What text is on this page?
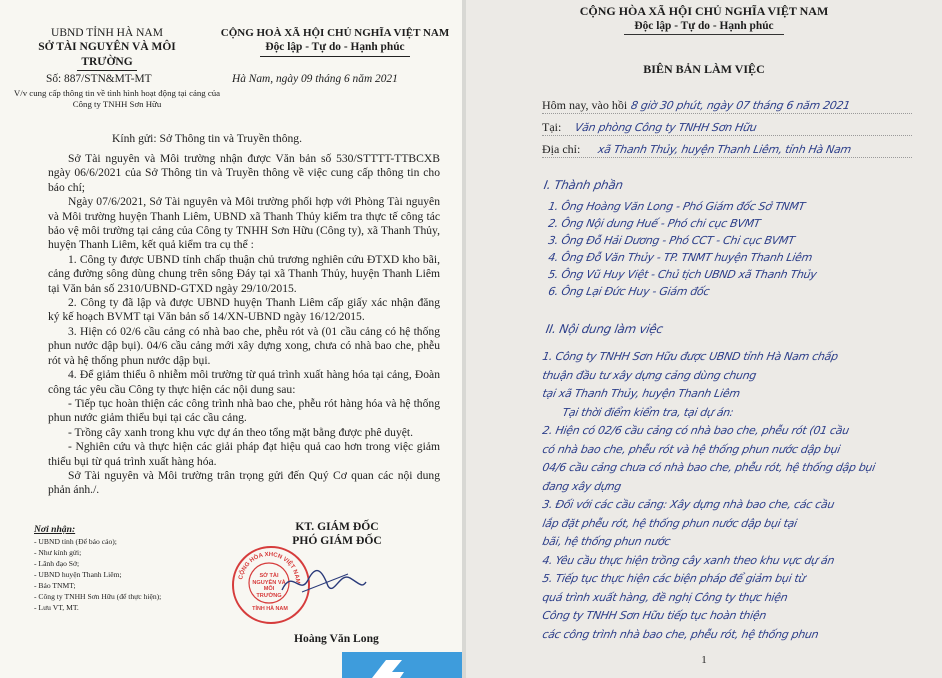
UBND TỈNH HÀ NAM
SỞ TÀI NGUYÊN VÀ MÔI TRƯỜNG
CỘNG HOÀ XÃ HỘI CHỦ NGHĨA VIỆT NAM
Độc lập - Tự do - Hạnh phúc
Số: 887/STN&MT-MT
V/v cung cấp thông tin về tình hình hoạt động tại cảng của Công ty TNHH Sơn Hữu
Hà Nam, ngày 09 tháng 6 năm 2021
Kính gửi: Sở Thông tin và Truyền thông.

Sở Tài nguyên và Môi trường nhận được Văn bản số 530/STTTT-TTBCXB ngày 06/6/2021 của Sở Thông tin và Truyền thông về việc cung cấp thông tin cho báo chí;

Ngày 07/6/2021, Sở Tài nguyên và Môi trường phối hợp với Phòng Tài nguyên và Môi trường huyện Thanh Liêm, UBND xã Thanh Thủy kiểm tra thực tế công tác bảo vệ môi trường tại cảng của Công ty TNHH Sơn Hữu (Công ty), xã Thanh Thủy, huyện Thanh Liêm, kết quả kiểm tra cụ thể :

1. Công ty được UBND tỉnh chấp thuận chủ trương nghiên cứu ĐTXD kho bãi, cảng đường sông dùng chung trên sông Đáy tại xã Thanh Thủy, huyện Thanh Liêm tại Văn bản số 2310/UBND-GTXD ngày 29/10/2015.

2. Công ty đã lập và được UBND huyện Thanh Liêm cấp giấy xác nhận đăng ký kế hoạch BVMT tại Văn bản số 14/XN-UBND ngày 16/12/2015.

3. Hiện có 02/6 cầu cảng có nhà bao che, phễu rót và (01 cầu cảng có hệ thống phun nước dập bụi). 04/6 cầu cảng mới xây dựng xong, chưa có nhà bao che, phễu rót và hệ thống phun nước dập bụi.

4. Để giảm thiểu ô nhiễm môi trường từ quá trình xuất hàng hóa tại cảng, Đoàn công tác yêu cầu Công ty thực hiện các nội dung sau:

- Tiếp tục hoàn thiện các công trình nhà bao che, phễu rót hàng hóa và hệ thống phun nước giảm thiểu bụi tại các cầu cảng.

- Trồng cây xanh trong khu vực dự án theo tổng mặt bằng được phê duyệt.

- Nghiên cứu và thực hiện các giải pháp đạt hiệu quả cao hơn trong việc giảm thiểu bụi từ quá trình xuất hàng hóa.

Sở Tài nguyên và Môi trường trân trọng gửi đến Quý Cơ quan các nội dung phản ánh./.

Nơi nhận:
- UBND tỉnh (Để báo cáo);
- Như kính gửi;
- Lãnh đạo Sở;
- UBND huyện Thanh Liêm;
- Báo TNMT;
- Công ty TNHH Sơn Hữu (để thực hiện);
- Lưu VT, MT.
KT. GIÁM ĐỐC
PHÓ GIÁM ĐỐC
CỘNG HÒA XHCN VIỆT NAM
SỞ TÀI NGUYÊN VÀ MÔI TRƯỜNG
TỈNH HÀ NAM
Hoàng Văn Long
CỘNG HÒA XÃ HỘI CHỦ NGHĨA VIỆT NAM
Độc lập - Tự do - Hạnh phúc
BIÊN BẢN LÀM VIỆC
Hôm nay, vào hồi 8 giờ 30 phút, ngày 07 tháng 6 năm 2021
Tại: Văn phòng Công ty TNHH Sơn Hữu
Địa chỉ: xã Thanh Thủy, huyện Thanh Liêm, tỉnh Hà Nam
I. Thành phần
1. Ông Hoàng Văn Long - Phó Giám đốc Sở TNMT
2. Ông Nội dung Huế - Phó chi cục BVMT
3. Ông Đỗ Hải Dương - Phó CCT - Chi cục BVMT
4. Ông Đỗ Văn Thủy - TP. TNMT huyện Thanh Liêm
5. Ông Vũ Huy Việt - Chủ tịch UBND xã Thanh Thủy
6. Ông Lại Đức Huy - Giám đốc
II. Nội dung làm việc
1. Công ty TNHH Sơn Hữu được UBND tỉnh Hà Nam chấp
thuận đầu tư xây dựng cảng dùng chung
tại xã Thanh Thủy, huyện Thanh Liêm
Tại thời điểm kiểm tra, tại dự án:
2. Hiện có 02/6 cầu cảng có nhà bao che, phễu rót (01 cầu
có nhà bao che, phễu rót và hệ thống phun nước dập bụi
04/6 cầu cảng chưa có nhà bao che, phễu rót, hệ thống dập bụi
đang xây dựng
3. Đối với các cầu cảng: Xây dựng nhà bao che, các cầu
lắp đặt phễu rót, hệ thống phun nước dập bụi tại
bãi, hệ thống phun nước
4. Yêu cầu thực hiện trồng cây xanh theo khu vực dự án
5. Tiếp tục thực hiện các biện pháp để giảm bụi từ
quá trình xuất hàng, đề nghị Công ty thực hiện
Công ty TNHH Sơn Hữu tiếp tục hoàn thiện
các công trình nhà bao che, phễu rót, hệ thống phun
1
